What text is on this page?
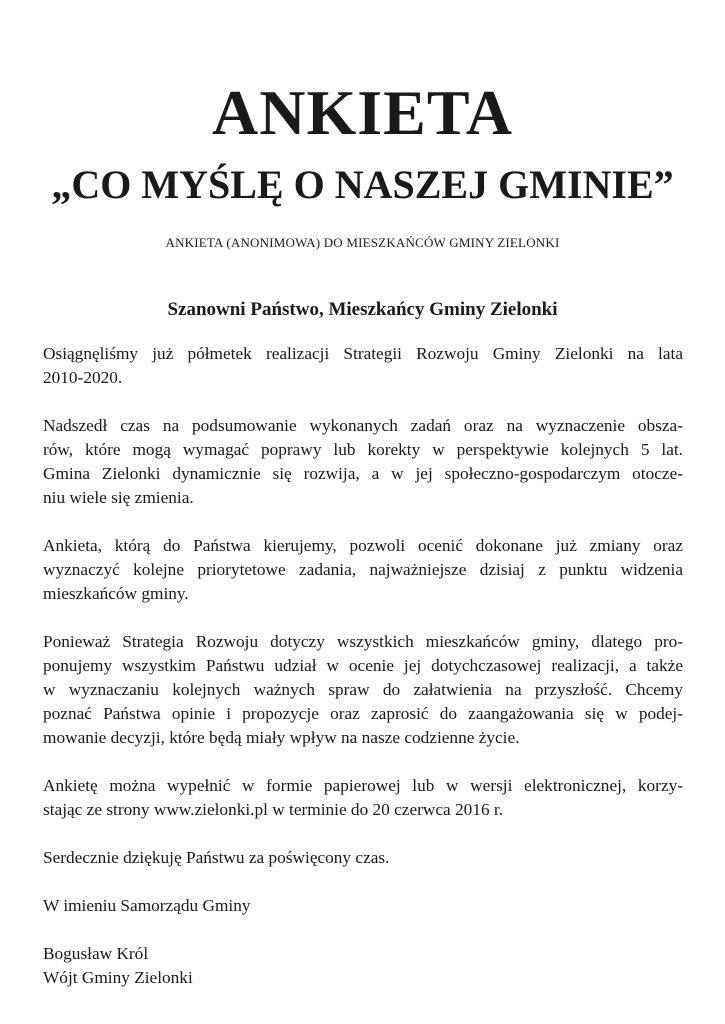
ANKIETA
„CO MYŚLĘ O NASZEJ GMINIE”
ANKIETA (ANONIMOWA) DO MIESZKAŃCÓW GMINY ZIELONKI
Szanowni Państwo, Mieszkańcy Gminy Zielonki
Osiągnęliśmy już półmetek realizacji Strategii Rozwoju Gminy Zielonki na lata
2010-2020.
Nadszedł czas na podsumowanie wykonanych zadań oraz na wyznaczenie obsza-
rów, które mogą wymagać poprawy lub korekty w perspektywie kolejnych 5 lat.
Gmina Zielonki dynamicznie się rozwija, a w jej społeczno-gospodarczym otocze-
niu wiele się zmienia.
Ankieta, którą do Państwa kierujemy, pozwoli ocenić dokonane już zmiany oraz
wyznaczyć kolejne priorytetowe zadania, najważniejsze dzisiaj z punktu widzenia
mieszkańców gminy.
Ponieważ Strategia Rozwoju dotyczy wszystkich mieszkańców gminy, dlatego pro-
ponujemy wszystkim Państwu udział w ocenie jej dotychczasowej realizacji, a także
w wyznaczaniu kolejnych ważnych spraw do załatwienia na przyszłość. Chcemy
poznać Państwa opinie i propozycje oraz zaprosić do zaangażowania się w podej-
mowanie decyzji, które będą miały wpływ na nasze codzienne życie.
Ankietę można wypełnić w formie papierowej lub w wersji elektronicznej, korzy-
stając ze strony www.zielonki.pl w terminie do 20 czerwca 2016 r.
Serdecznie dziękuję Państwu za poświęcony czas.
W imieniu Samorządu Gminy
Bogusław Król
Wójt Gminy Zielonki
